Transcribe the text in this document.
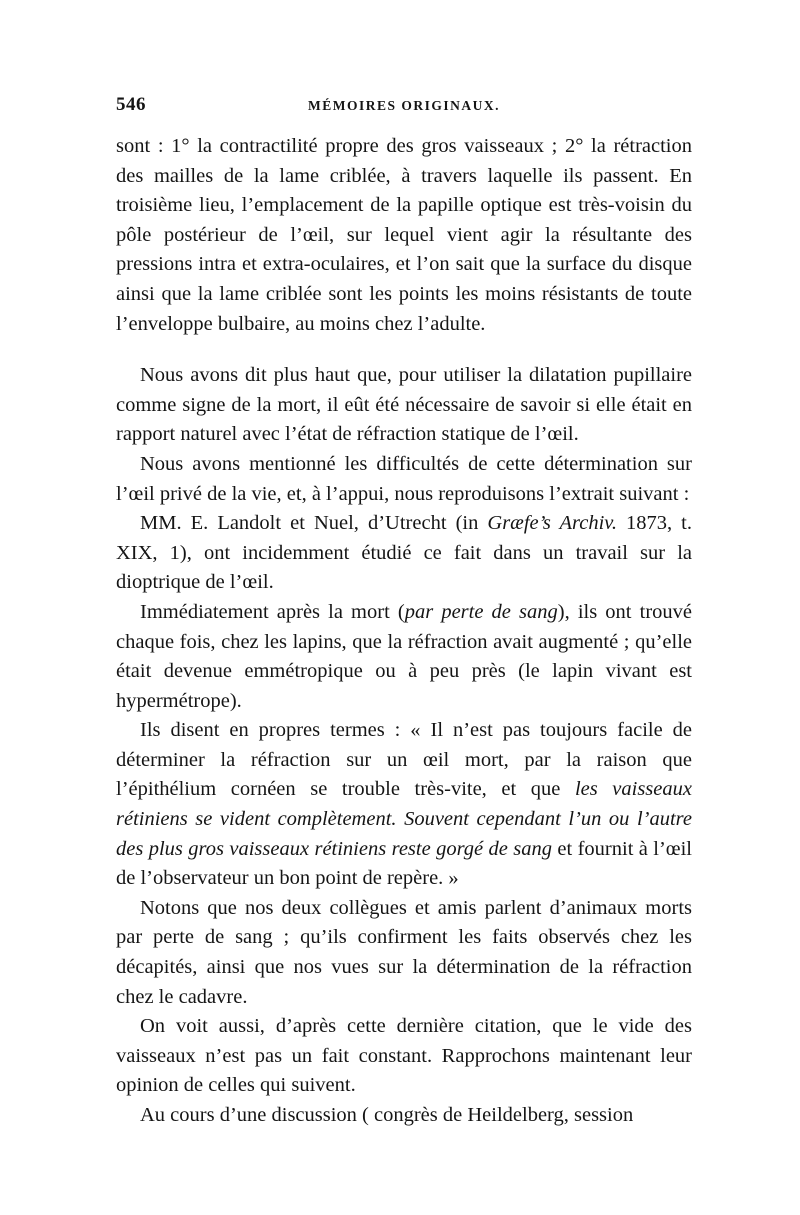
546	MÉMOIRES ORIGINAUX.

sont : 1° la contractilité propre des gros vaisseaux ; 2° la rétraction des mailles de la lame criblée, à travers laquelle ils passent. En troisième lieu, l’emplacement de la papille optique est très-voisin du pôle postérieur de l’œil, sur lequel vient agir la résultante des pressions intra et extra-oculaires, et l’on sait que la surface du disque ainsi que la lame criblée sont les points les moins résistants de toute l’enveloppe bulbaire, au moins chez l’adulte.

Nous avons dit plus haut que, pour utiliser la dilatation pupillaire comme signe de la mort, il eût été nécessaire de savoir si elle était en rapport naturel avec l’état de réfraction statique de l’œil.

Nous avons mentionné les difficultés de cette détermination sur l’œil privé de la vie, et, à l’appui, nous reproduisons l’extrait suivant :

MM. E. Landolt et Nuel, d’Utrecht (in Græfe’s Archiv. 1873, t. XIX, 1), ont incidemment étudié ce fait dans un travail sur la dioptrique de l’œil.

Immédiatement après la mort (par perte de sang), ils ont trouvé chaque fois, chez les lapins, que la réfraction avait augmenté ; qu’elle était devenue emmétropique ou à peu près (le lapin vivant est hypermétrope).

Ils disent en propres termes : « Il n’est pas toujours facile de déterminer la réfraction sur un œil mort, par la raison que l’épithélium cornéen se trouble très-vite, et que les vaisseaux rétiniens se vident complètement. Souvent cependant l’un ou l’autre des plus gros vaisseaux rétiniens reste gorgé de sang et fournit à l’œil de l’observateur un bon point de repère. »

Notons que nos deux collègues et amis parlent d’animaux morts par perte de sang ; qu’ils confirment les faits observés chez les décapités, ainsi que nos vues sur la détermination de la réfraction chez le cadavre.

On voit aussi, d’après cette dernière citation, que le vide des vaisseaux n’est pas un fait constant. Rapprochons maintenant leur opinion de celles qui suivent.

Au cours d’une discussion ( congrès de Heildelberg, session
